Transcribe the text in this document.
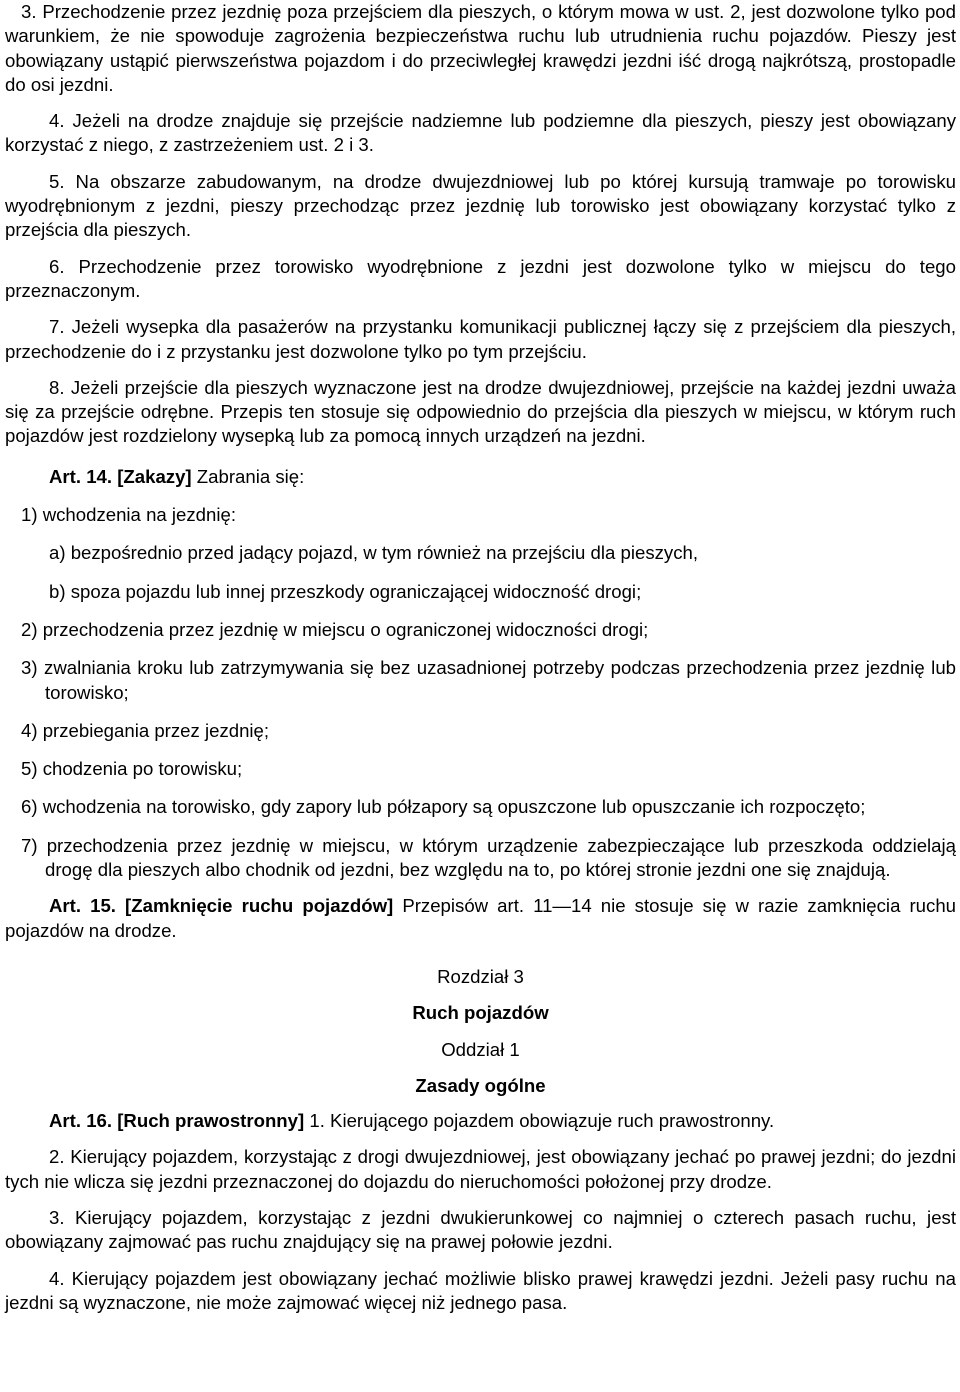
3. Przechodzenie przez jezdnię poza przejściem dla pieszych, o którym mowa w ust. 2, jest dozwolone tylko pod warunkiem, że nie spowoduje zagrożenia bezpieczeństwa ruchu lub utrudnienia ruchu pojazdów. Pieszy jest obowiązany ustąpić pierwszeństwa pojazdom i do przeciwległej krawędzi jezdni iść drogą najkrótszą, prostopadle do osi jezdni.

4. Jeżeli na drodze znajduje się przejście nadziemne lub podziemne dla pieszych, pieszy jest obowiązany korzystać z niego, z zastrzeżeniem ust. 2 i 3.

5. Na obszarze zabudowanym, na drodze dwujezdniowej lub po której kursują tramwaje po torowisku wyodrębnionym z jezdni, pieszy przechodząc przez jezdnię lub torowisko jest obowiązany korzystać tylko z przejścia dla pieszych.

6. Przechodzenie przez torowisko wyodrębnione z jezdni jest dozwolone tylko w miejscu do tego przeznaczonym.

7. Jeżeli wysepka dla pasażerów na przystanku komunikacji publicznej łączy się z przejściem dla pieszych, przechodzenie do i z przystanku jest dozwolone tylko po tym przejściu.

8. Jeżeli przejście dla pieszych wyznaczone jest na drodze dwujezdniowej, przejście na każdej jezdni uważa się za przejście odrębne. Przepis ten stosuje się odpowiednio do przejścia dla pieszych w miejscu, w którym ruch pojazdów jest rozdzielony wysepką lub za pomocą innych urządzeń na jezdni.

Art. 14. [Zakazy] Zabrania się:

1) wchodzenia na jezdnię:

a) bezpośrednio przed jadący pojazd, w tym również na przejściu dla pieszych,

b) spoza pojazdu lub innej przeszkody ograniczającej widoczność drogi;

2) przechodzenia przez jezdnię w miejscu o ograniczonej widoczności drogi;

3) zwalniania kroku lub zatrzymywania się bez uzasadnionej potrzeby podczas przechodzenia przez jezdnię lub torowisko;

4) przebiegania przez jezdnię;

5) chodzenia po torowisku;

6) wchodzenia na torowisko, gdy zapory lub półzapory są opuszczone lub opuszczanie ich rozpoczęto;

7) przechodzenia przez jezdnię w miejscu, w którym urządzenie zabezpieczające lub przeszkoda oddzielają drogę dla pieszych albo chodnik od jezdni, bez względu na to, po której stronie jezdni one się znajdują.

Art. 15. [Zamknięcie ruchu pojazdów] Przepisów art. 11—14 nie stosuje się w razie zamknięcia ruchu pojazdów na drodze.

Rozdział 3

Ruch pojazdów

Oddział 1

Zasady ogólne

Art. 16. [Ruch prawostronny] 1. Kierującego pojazdem obowiązuje ruch prawostronny.

2. Kierujący pojazdem, korzystając z drogi dwujezdniowej, jest obowiązany jechać po prawej jezdni; do jezdni tych nie wlicza się jezdni przeznaczonej do dojazdu do nieruchomości położonej przy drodze.

3. Kierujący pojazdem, korzystając z jezdni dwukierunkowej co najmniej o czterech pasach ruchu, jest obowiązany zajmować pas ruchu znajdujący się na prawej połowie jezdni.

4. Kierujący pojazdem jest obowiązany jechać możliwie blisko prawej krawędzi jezdni. Jeżeli pasy ruchu na jezdni są wyznaczone, nie może zajmować więcej niż jednego pasa.
